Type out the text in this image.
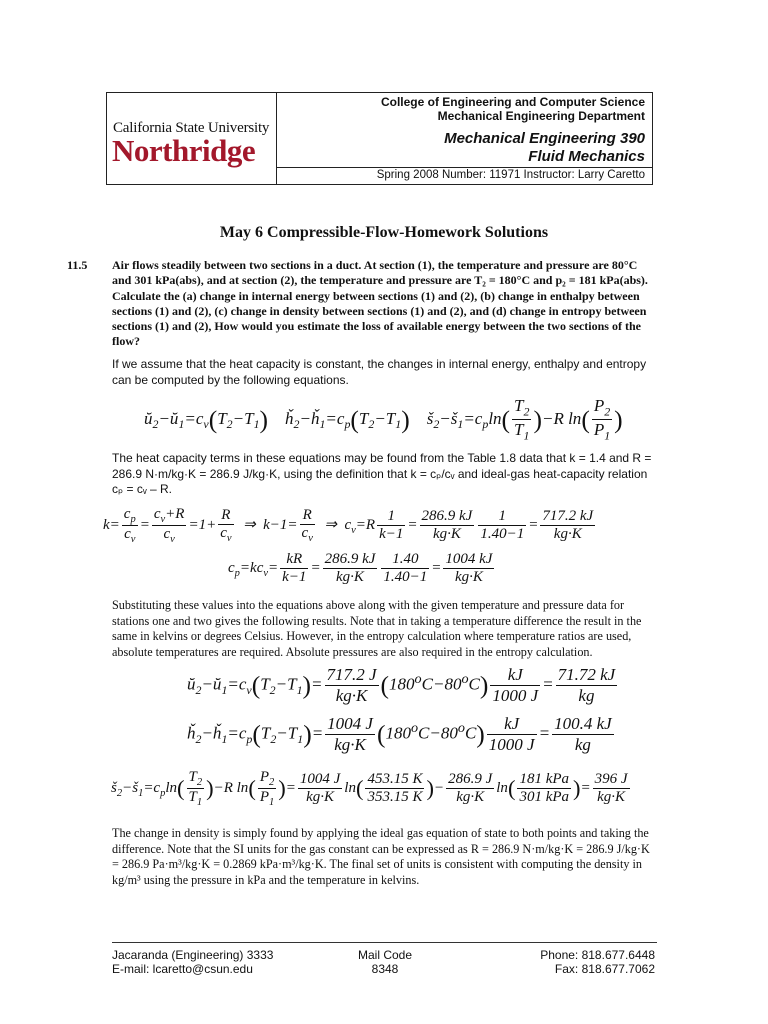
California State University
Northridge
College of Engineering and Computer Science
Mechanical Engineering Department
Mechanical Engineering 390
Fluid Mechanics
Spring 2008 Number: 11971 Instructor: Larry Caretto
May 6 Compressible-Flow-Homework Solutions
11.5 Air flows steadily between two sections in a duct. At section (1), the temperature and pressure are 80°C and 301 kPa(abs), and at section (2), the temperature and pressure are T₂ = 180°C and p₂ = 181 kPa(abs). Calculate the (a) change in internal energy between sections (1) and (2), (b) change in enthalpy between sections (1) and (2), (c) change in density between sections (1) and (2), and (d) change in entropy between sections (1) and (2), How would you estimate the loss of available energy between the two sections of the flow?
If we assume that the heat capacity is constant, the changes in internal energy, enthalpy and entropy can be computed by the following equations.
$ŭ_2-ŭ_1=c_v(T_2-T_1)$    $ȟ_2-ȟ_1=c_p(T_2-T_1)$    $š_2-š_1=c_p\ln( \frac{T_2}{T_1} )-R$ $\ln( \frac{P_2}{P_1}$ )
The heat capacity terms in these equations may be found from the Table 1.8 data that k = 1.4 and R = 286.9 N·m/kg·K = 286.9 J/kg·K, using the definition that k = cₚ/cᵥ and ideal-gas heat-capacity relation cₚ = cᵥ – R.
$k= \frac{c_p}{c_v} = \frac{c_v+R}{c_v} =1+ \frac{R}{c_v}$ ⇒  $k-1= \frac{R}{c_v}$ ⇒  $c_v=R \frac{1}{k-1} = \frac{286.9 kJ}{kg\cdot K} \frac{1}{1.40-1} = \frac{717.2 kJ}{kg\cdot K}$
$c_p=kc_v= \frac{kR}{k-1} = \frac{286.9 kJ}{kg\cdot K} \frac{1.40}{1.40-1} = \frac{1004 kJ}{kg\cdot K}$
Substituting these values into the equations above along with the given temperature and pressure data for stations one and two gives the following results. Note that in taking a temperature difference the result in the same in kelvins or degrees Celsius. However, in the entropy calculation where temperature ratios are used, absolute temperatures are required. Absolute pressures are also required in the entropy calculation.
$ŭ_2-ŭ_1=c_v(T_2-T_1)= \frac{717.2 J}{kg\cdot K} (180^oC-80^oC) \frac{kJ}{1000 J} = \frac{71.72 kJ}{kg}$
$ȟ_2-ȟ_1=c_p(T_2-T_1)= \frac{1004 J}{kg\cdot K} (180^oC-80^oC) \frac{kJ}{1000 J} = \frac{100.4 kJ}{kg}$
$š_2-š_1=c_p\ln( \frac{T_2}{T_1} )-R$ $\ln( \frac{P_2}{P_1}$ )= $\frac{1004 J}{kg\cdot K} \ln( \frac{453.15 K}{353.15 K}$ )− $\frac{286.9 J}{kg\cdot K} \ln$( 181 kPa
301 kPa )= $\frac{396 J}{kg\cdot K}$
The change in density is simply found by applying the ideal gas equation of state to both points and taking the difference. Note that the SI units for the gas constant can be expressed as R = 286.9 N·m/kg·K = 286.9 J/kg·K = 286.9 Pa·m³/kg·K = 0.2869 kPa·m³/kg·K. The final set of units is consistent with computing the density in kg/m³ using the pressure in kPa and the temperature in kelvins.
Jacaranda (Engineering) 3333
E-mail: lcaretto@csun.edu
Mail Code
8348
Phone: 818.677.6448
Fax: 818.677.7062
